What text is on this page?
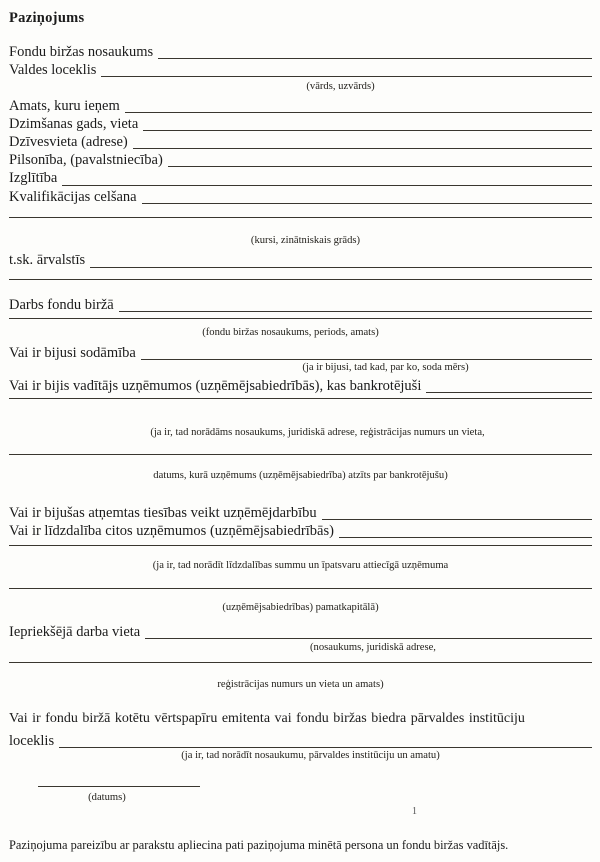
Paziņojums
Fondu biržas nosaukums
Valdes loceklis
(vārds, uzvārds)
Amats, kuru ieņem
Dzimšanas gads, vieta
Dzīvesvieta (adrese)
Pilsonība, (pavalstniecība)
Izglītība
Kvalifikācijas celšana
(kursi, zinātniskais grāds)
t.sk. ārvalstīs
Darbs fondu biržā
(fondu biržas nosaukums, periods, amats)
Vai ir bijusi sodāmība
(ja ir bijusi, tad kad, par ko, soda mērs)
Vai ir bijis vadītājs uzņēmumos (uzņēmējsabiedrībās), kas bankrotējuši
(ja ir, tad norādāms nosaukums, juridiskā adrese, reģistrācijas numurs un vieta,
datums, kurā uzņēmums (uzņēmējsabiedrība) atzīts par bankrotējušu)
Vai ir bijušas atņemtas tiesības veikt uzņēmējdarbību
Vai ir līdzdalība citos uzņēmumos (uzņēmējsabiedrībās)
(ja ir, tad norādīt līdzdalības summu un īpatsvaru attiecīgā uzņēmuma
(uzņēmējsabiedrības) pamatkapitālā)
Iepriekšējā darba vieta
(nosaukums, juridiskā adrese,
reģistrācijas numurs un vieta un amats)
Vai ir fondu biržā kotētu vērtspapīru emitenta vai fondu biržas biedra pārvaldes institūciju
loceklis
(ja ir, tad norādīt nosaukumu, pārvaldes institūciju un amatu)
(datums)
1
Paziņojuma pareizību ar parakstu apliecina pati paziņojuma minētā persona un fondu biržas vadītājs.
